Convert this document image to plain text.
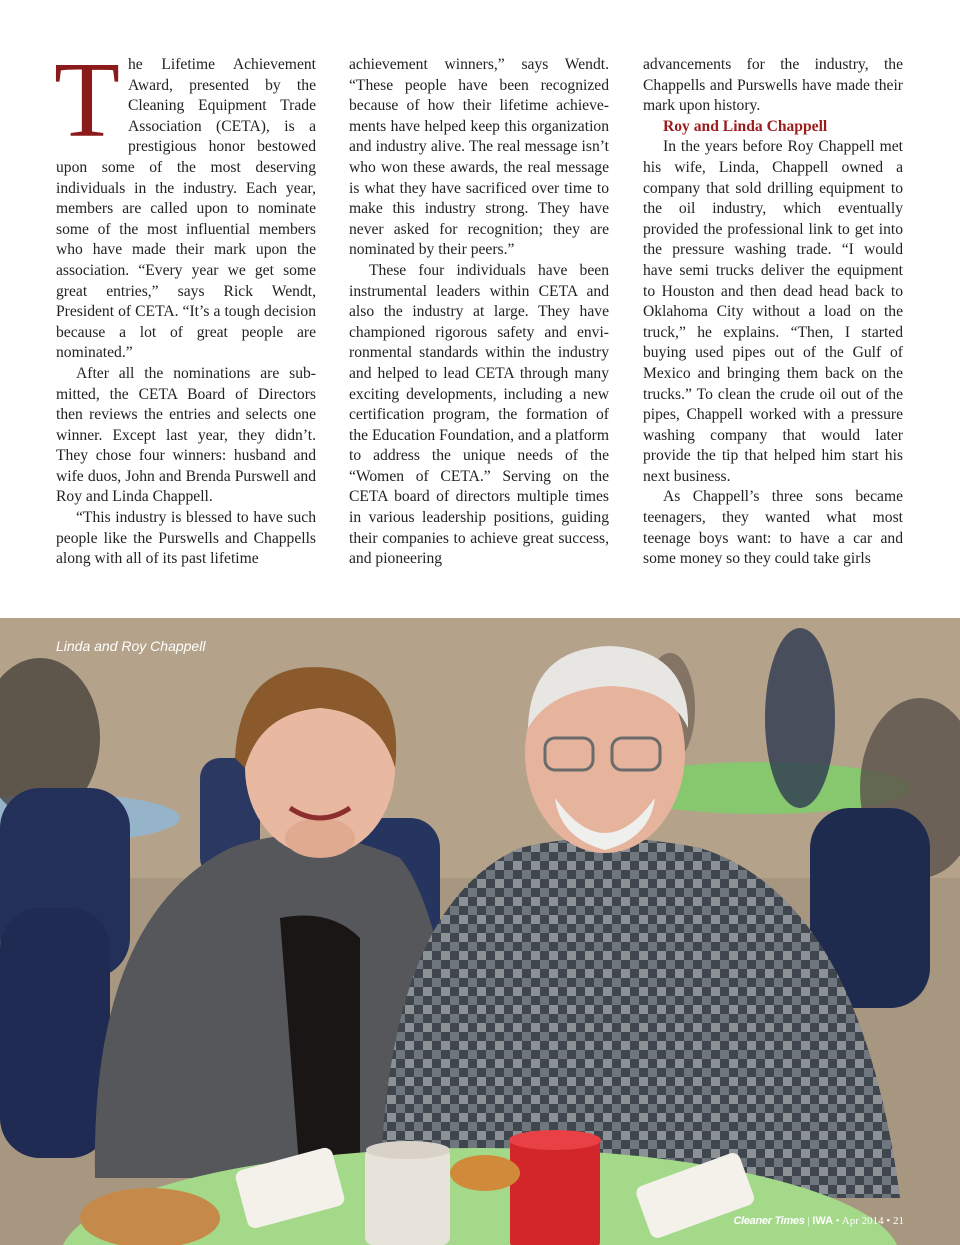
T he Lifetime Achievement Award, presented by the Cleaning Equipment Trade Association (CETA), is a prestigious honor bestowed upon some of the most deserving individuals in the industry. Each year, members are called upon to nominate some of the most influential members who have made their mark upon the association. “Every year we get some great entries,” says Rick Wendt, President of CETA. “It’s a tough decision because a lot of great people are nominated.”

After all the nominations are submitted, the CETA Board of Directors then reviews the entries and selects one winner. Except last year, they didn’t. They chose four winners: husband and wife duos, John and Brenda Purswell and Roy and Linda Chappell.

“This industry is blessed to have such people like the Purswells and Chappells along with all of its past lifetime

achievement winners,” says Wendt. “These people have been recognized because of how their lifetime achievements have helped keep this organization and industry alive. The real message isn’t who won these awards, the real message is what they have sacrificed over time to make this industry strong. They have never asked for recognition; they are nominated by their peers.”

These four individuals have been instrumental leaders within CETA and also the industry at large. They have championed rigorous safety and environmental standards within the industry and helped to lead CETA through many exciting developments, including a new certification program, the formation of the Education Foundation, and a platform to address the unique needs of the “Women of CETA.” Serving on the CETA board of directors multiple times in various leadership positions, guiding their companies to achieve great success, and pioneering

advancements for the industry, the Chappells and Purswells have made their mark upon history.

Roy and Linda Chappell

In the years before Roy Chappell met his wife, Linda, Chappell owned a company that sold drilling equipment to the oil industry, which eventually provided the professional link to get into the pressure washing trade. “I would have semi trucks deliver the equipment to Houston and then dead head back to Oklahoma City without a load on the truck,” he explains. “Then, I started buying used pipes out of the Gulf of Mexico and bringing them back on the trucks.” To clean the crude oil out of the pipes, Chappell worked with a pressure washing company that would later provide the tip that helped him start his next business.

As Chappell’s three sons became teenagers, they wanted what most teenage boys want: to have a car and some money so they could take girls

Linda and Roy Chappell
Cleaner Times | IWA • Apr 2014 • 21
